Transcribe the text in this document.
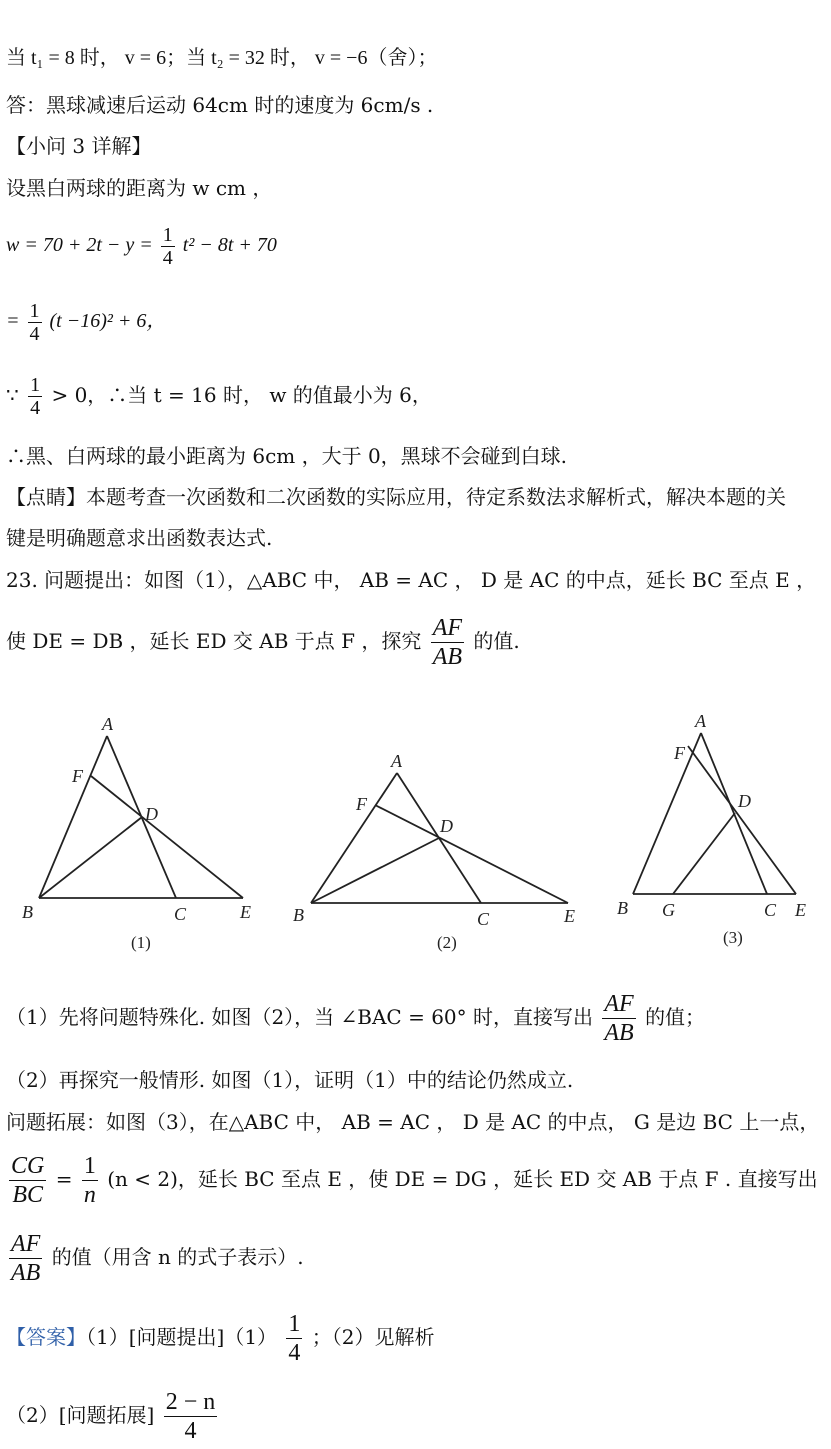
当 t₁ = 8 时， v = 6；当 t₂ = 32 时， v = −6（舍）；
答：黑球减速后运动 64cm 时的速度为 6cm/s .
【小问 3 详解】
设黑白两球的距离为 w cm ，
$w = 70 + 2t - y = \frac{1}{4} t^2 - 8t + 70$
= $\frac{1}{4} (t -16)^2 + 6$，
∵ $\frac{1}{4} > 0$，∴当 t = 16 时， w 的值最小为 6，
∴黑、白两球的最小距离为 6cm ，大于 0，黑球不会碰到白球.
【点睛】本题考查一次函数和二次函数的实际应用，待定系数法求解析式，解决本题的关
键是明确题意求出函数表达式.
23. 问题提出：如图（1），△ABC 中， AB = AC ， D 是 AC 的中点，延长 BC 至点 E ，
使 DE = DB ，延长 ED 交 AB 于点 F ，探究 $\frac{AF}{AB}$ 的值.
A
F
D
B	C	E
A
F
D
B	C	E
A
F
D
B G	C E
(1)	(2)	(3)
（1）先将问题特殊化. 如图（2），当 ∠BAC = 60° 时，直接写出 $\frac{AF}{AB}$ 的值；
（2）再探究一般情形. 如图（1），证明（1）中的结论仍然成立.
问题拓展：如图（3），在△ABC 中， AB = AC ， D 是 AC 的中点， G 是边 BC 上一点，
$\frac{CG}{BC} = \frac{1}{n} (n < 2)$，延长 BC 至点 E ，使 DE = DG ，延长 ED 交 AB 于点 F . 直接写出
$\frac{AF}{AB}$ 的值（用含 n 的式子表示）.
【答案】（1）[问题提出]$(1) \frac{1}{4}$ ；（2）见解析
（2）[问题拓展] $\frac{2 - n}{4}$
